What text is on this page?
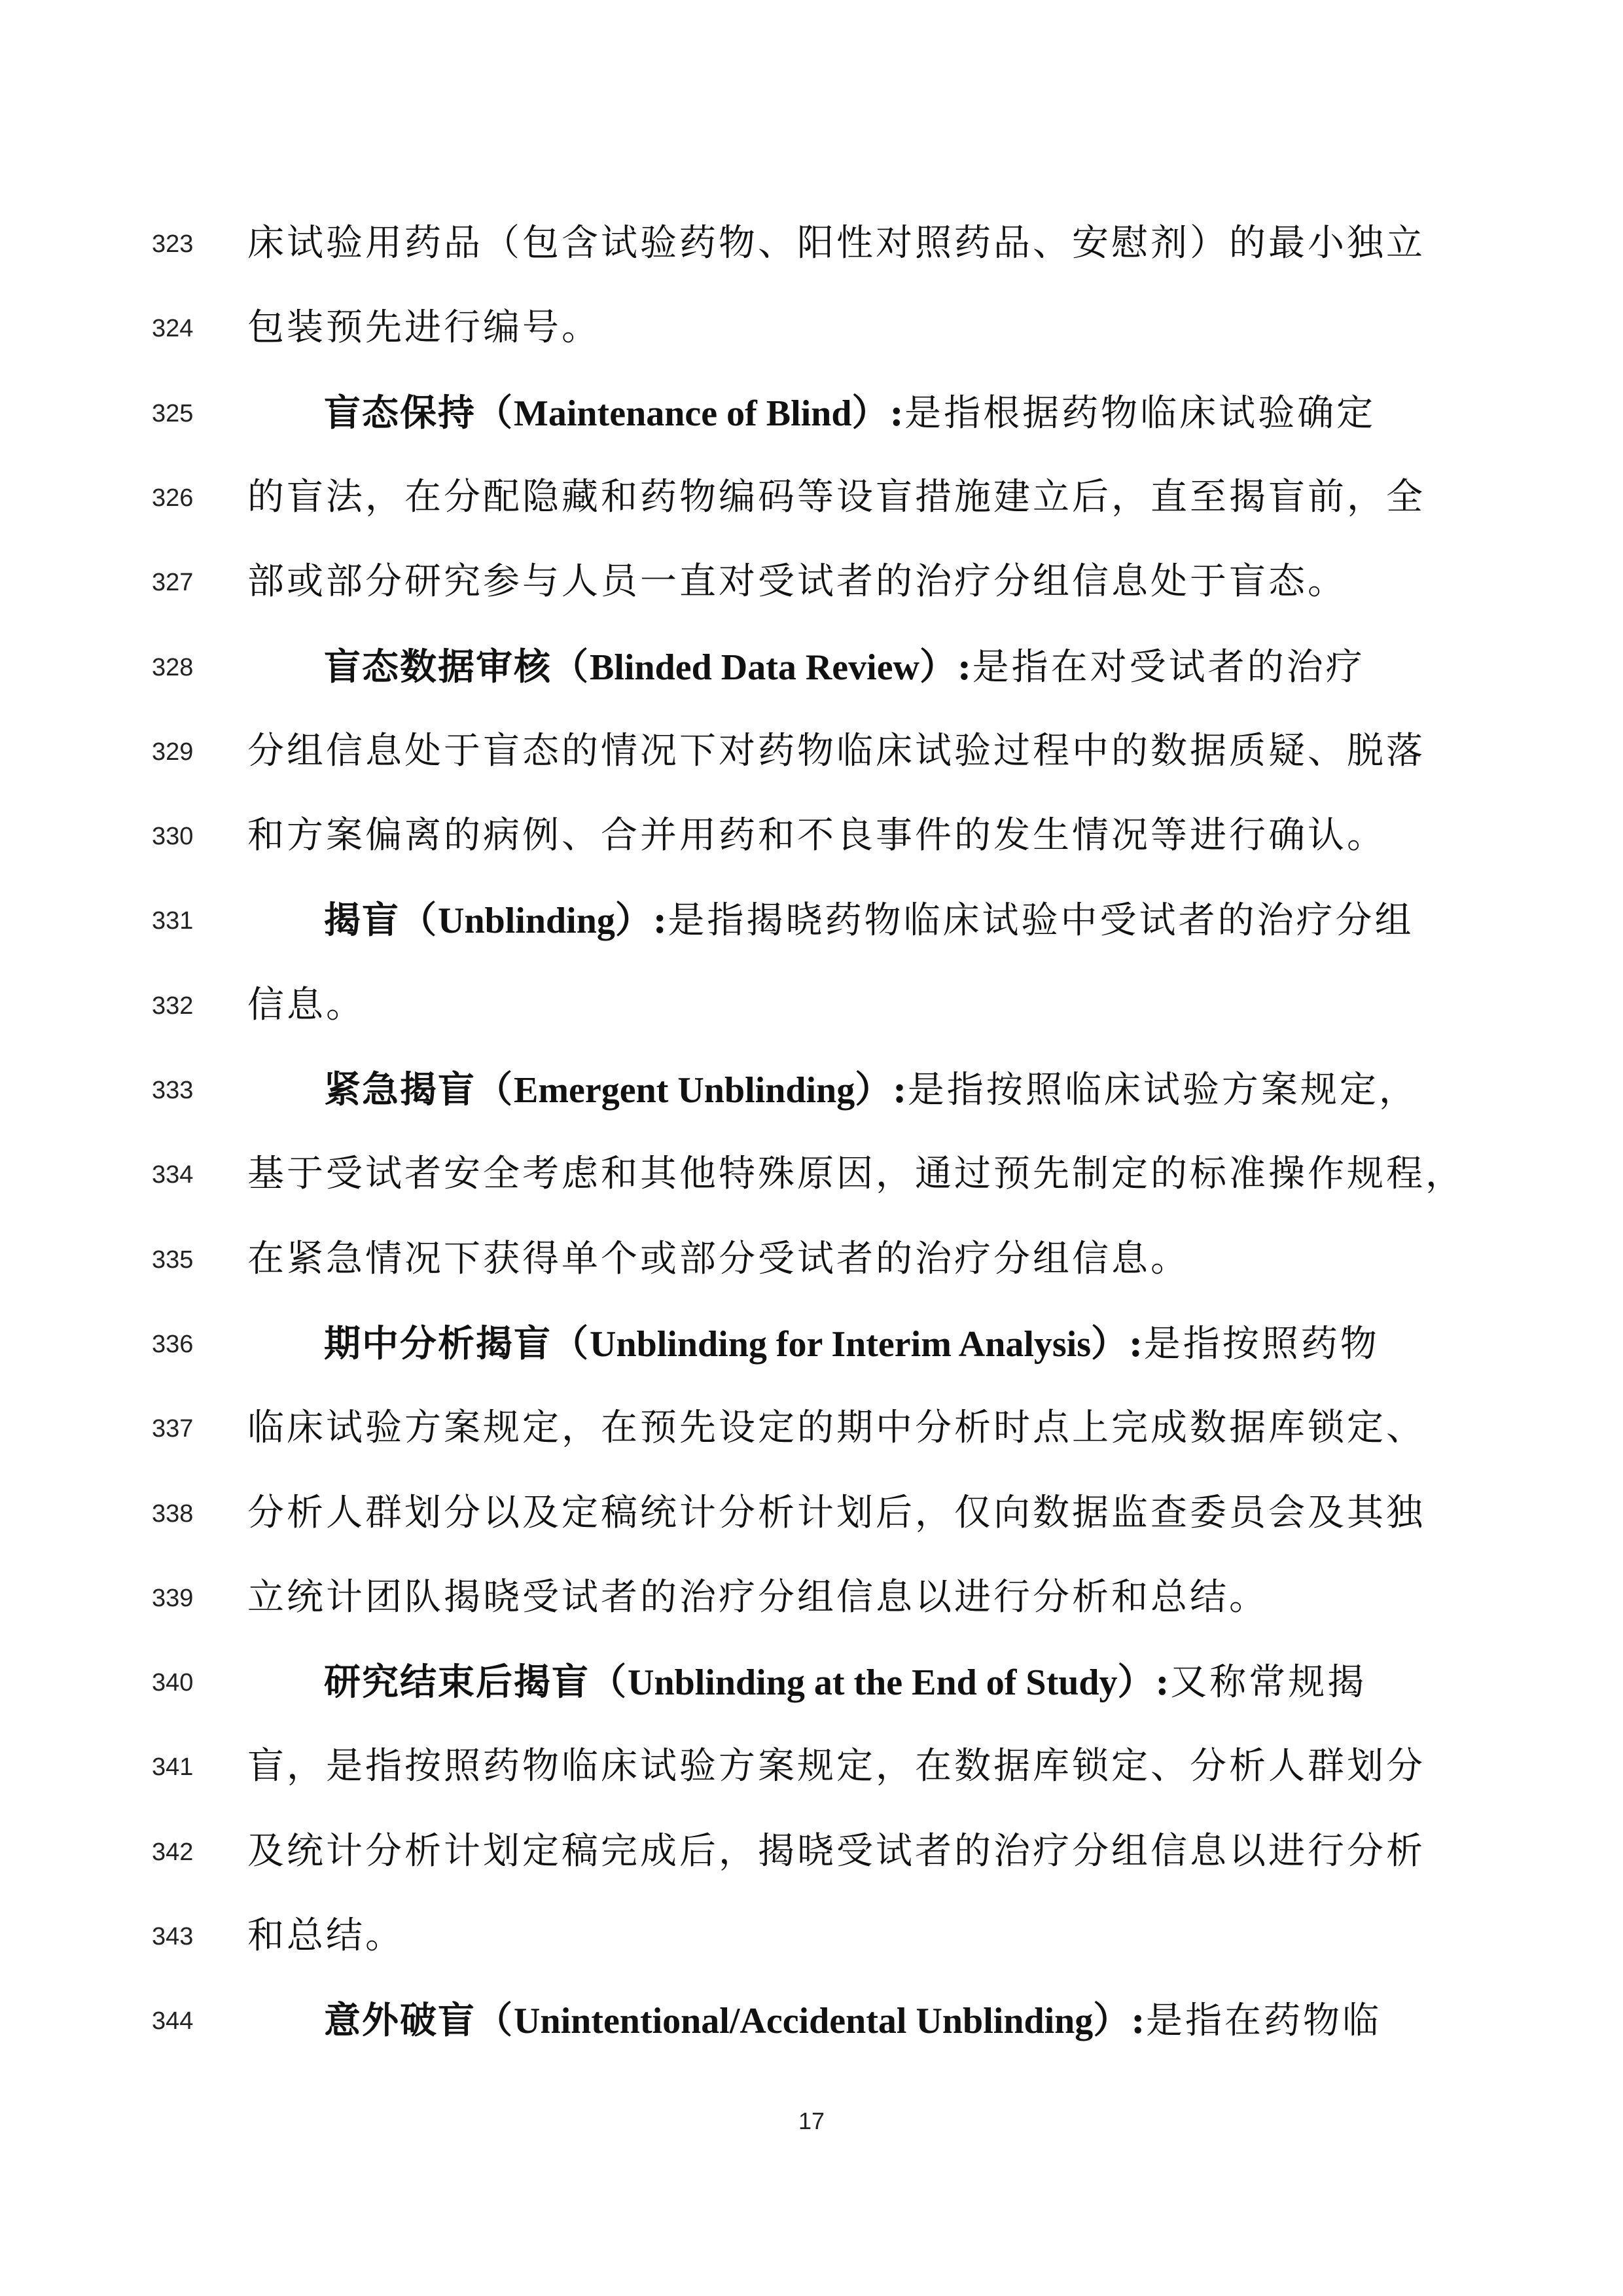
323 床试验用药品（包含试验药物、阳性对照药品、安慰剂）的最小独立
324 包装预先进行编号。
325	盲态保持（Maintenance of Blind）:是指根据药物临床试验确定
326 的盲法，在分配隐藏和药物编码等设盲措施建立后，直至揭盲前，全
327 部或部分研究参与人员一直对受试者的治疗分组信息处于盲态。
328	盲态数据审核（Blinded Data Review）:是指在对受试者的治疗
329 分组信息处于盲态的情况下对药物临床试验过程中的数据质疑、脱落
330 和方案偏离的病例、合并用药和不良事件的发生情况等进行确认。
331	揭盲（Unblinding）:是指揭晓药物临床试验中受试者的治疗分组
332 信息。
333	紧急揭盲（Emergent Unblinding）:是指按照临床试验方案规定，
334 基于受试者安全考虑和其他特殊原因，通过预先制定的标准操作规程，
335 在紧急情况下获得单个或部分受试者的治疗分组信息。
336	期中分析揭盲（Unblinding for Interim Analysis）:是指按照药物
337 临床试验方案规定，在预先设定的期中分析时点上完成数据库锁定、
338 分析人群划分以及定稿统计分析计划后，仅向数据监查委员会及其独
339 立统计团队揭晓受试者的治疗分组信息以进行分析和总结。
340	研究结束后揭盲（Unblinding at the End of Study）:又称常规揭
341 盲，是指按照药物临床试验方案规定，在数据库锁定、分析人群划分
342 及统计分析计划定稿完成后，揭晓受试者的治疗分组信息以进行分析
343 和总结。
344	意外破盲（Unintentional/Accidental Unblinding）:是指在药物临
17
